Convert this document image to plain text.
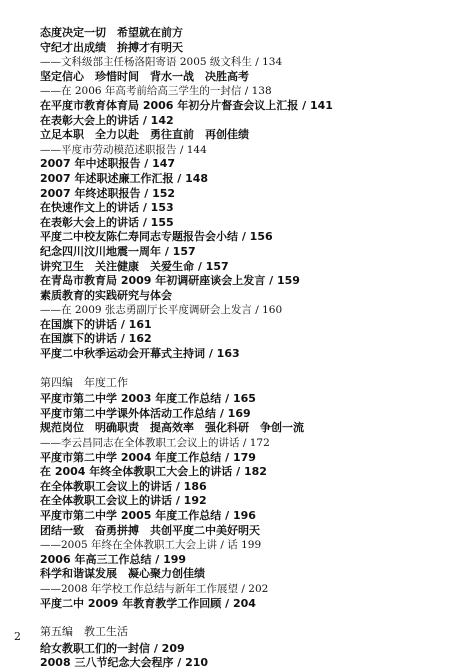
态度决定一切　希望就在前方
守纪才出成绩　拚搏才有明天
——文科级部主任杨洛阳寄语 2005 级文科生 / 134
坚定信心　珍惜时间　背水一战　决胜高考
——在 2006 年高考前给高三学生的一封信 / 138
在平度市教育体育局 2006 年初分片督查会议上汇报 / 141
在表彰大会上的讲话 / 142
立足本职　全力以赴　勇往直前　再创佳绩
——平度市劳动模范述职报告 / 144
2007 年中述职报告 / 147
2007 年述职述廉工作汇报 / 148
2007 年终述职报告 / 152
在快速作文上的讲话 / 153
在表彰大会上的讲话 / 155
平度二中校友陈仁寿同志专题报告会小结 / 156
纪念四川汶川地震一周年 / 157
讲究卫生　关注健康　关爱生命 / 157
在青岛市教育局 2009 年初调研座谈会上发言 / 159
素质教育的实践研究与体会
——在 2009 张志勇副厅长平度调研会上发言 / 160
在国旗下的讲话 / 161
在国旗下的讲话 / 162
平度二中秋季运动会开幕式主持词 / 163
第四编　年度工作
平度市第二中学 2003 年度工作总结 / 165
平度市第二中学课外体活动工作总结 / 169
规范岗位　明确职责　提高效率　强化科研　争创一流
——李云昌同志在全体教职工会议上的讲话 / 172
平度市第二中学 2004 年度工作总结 / 179
在 2004 年终全体教职工大会上的讲话 / 182
在全体教职工会议上的讲话 / 186
在全体教职工会议上的讲话 / 192
平度市第二中学 2005 年度工作总结 / 196
团结一致　奋勇拼搏　共创平度二中美好明天
——2005 年终在全体教职工大会上讲 / 话 199
2006 年高三工作总结 / 199
科学和谐谋发展　凝心聚力创佳绩
——2008 年学校工作总结与新年工作展望 / 202
平度二中 2009 年教育教学工作回顾 / 204
第五编　教工生活
给女教职工们的一封信 / 209
2008 三八节纪念大会程序 / 210
2
